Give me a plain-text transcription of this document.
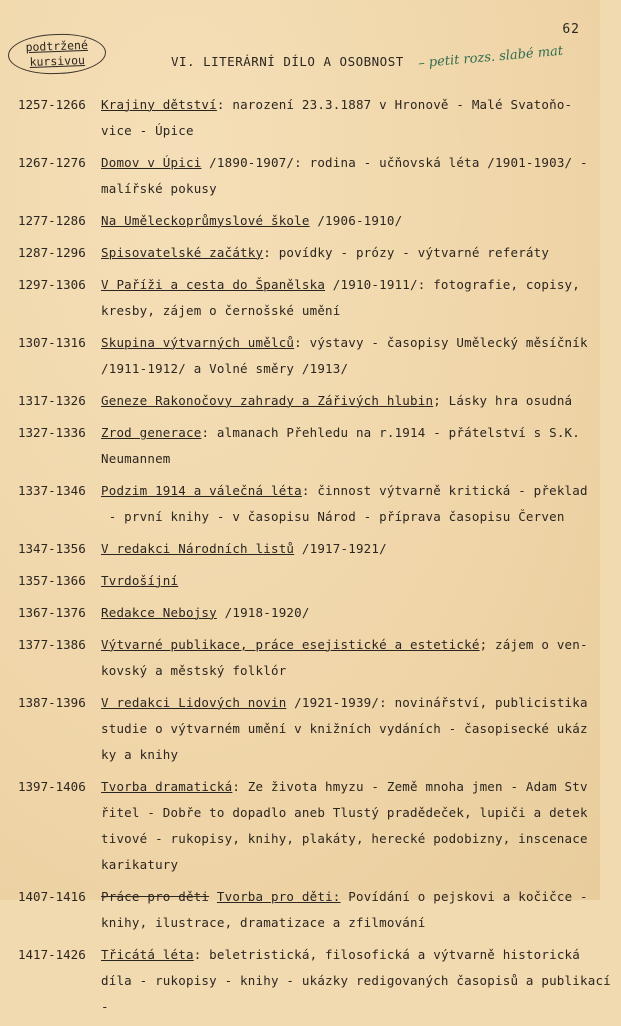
62
podtržené
kursivou	VI. LITERÁRNÍ DÍLO A OSOBNOST – petit rozs. slabé mat
1257-1266 Krajiny dětství: narození 23.3.1887 v Hronově - Malé Svatoňo-
vice - Úpice
1267-1276 Domov v Úpici /1890-1907/: rodina - učňovská léta /1901-1903/ -
malířské pokusy
1277-1286 Na Uměleckoprůmyslové škole /1906-1910/
1287-1296 Spisovatelské začátky: povídky - prózy - výtvarné referáty
1297-1306 V Paříži a cesta do Španělska /1910-1911/: fotografie, copisy,
kresby, zájem o černošské umění
1307-1316 Skupina výtvarných umělců: výstavy - časopisy Umělecký měsíčník
/1911-1912/ a Volné směry /1913/
1317-1326 Geneze Rakonočovy zahrady a Zářivých hlubin; Lásky hra osudná
1327-1336 Zrod generace: almanach Přehledu na r.1914 - přátelství s S.K.
Neumannem
1337-1346 Podzim 1914 a válečná léta: činnost výtvarně kritická - překlad
- první knihy - v časopisu Národ - příprava časopisu Červen
1347-1356 V redakci Národních listů /1917-1921/
1357-1366 Tvrdošíjní
1367-1376 Redakce Nebojsy /1918-1920/
1377-1386 Výtvarné publikace, práce esejistické a estetické; zájem o ven-
kovský a městský folklór
1387-1396 V redakci Lidových novin /1921-1939/: novinářství, publicistika
studie o výtvarném umění v knižních vydáních - časopisecké ukáz
ky a knihy
1397-1406 Tvorba dramatická: Ze života hmyzu - Země mnoha jmen - Adam Stv
řitel - Dobře to dopadlo aneb Tlustý pradědeček, lupiči a detek
tivové - rukopisy, knihy, plakáty, herecké podobizny, inscenace
karikatury
1407-1416 Práce pro děti Tvorba pro děti: Povídání o pejskovi a kočičce -
knihy, ilustrace, dramatizace a zfilmování
1417-1426 Třicátá léta: beletristická, filosofická a výtvarně historická
díla - rukopisy - knihy - ukázky redigovaných časopisů a publikací -
